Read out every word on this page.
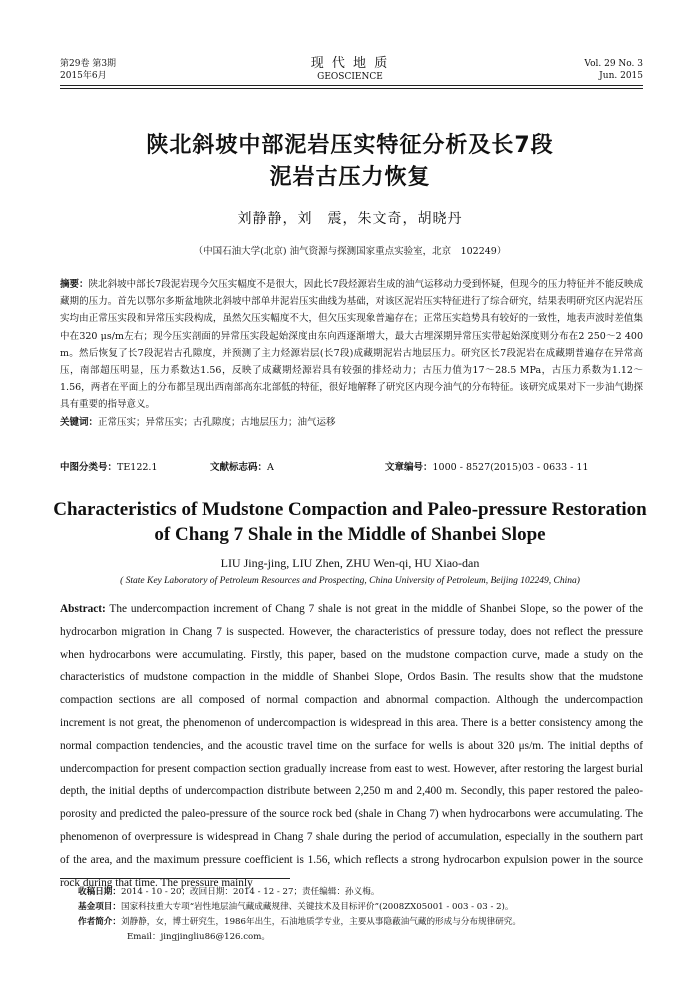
第29卷 第3期
2015年6月
现 代 地 质
GEOSCIENCE
Vol. 29 No. 3
Jun. 2015
陕北斜坡中部泥岩压实特征分析及长7段
泥岩古压力恢复
刘静静，刘　震，朱文奇，胡晓丹
（中国石油大学(北京) 油气资源与探测国家重点实验室，北京　102249）

摘要：陕北斜坡中部长7段泥岩现今欠压实幅度不是很大，因此长7段烃源岩生成的油气运移动力受到怀疑，但现今的压力特征并不能反映成藏期的压力。首先以鄂尔多斯盆地陕北斜坡中部单井泥岩压实曲线为基础，对该区泥岩压实特征进行了综合研究，结果表明研究区内泥岩压实均由正常压实段和异常压实段构成，虽然欠压实幅度不大，但欠压实现象普遍存在；正常压实趋势具有较好的一致性，地表声波时差值集中在320 μs/m左右；现今压实剖面的异常压实段起始深度由东向西逐渐增大，最大古埋深期异常压实带起始深度则分布在2 250～2 400 m。然后恢复了长7段泥岩古孔隙度，并预测了主力烃源岩层(长7段)成藏期泥岩古地层压力。研究区长7段泥岩在成藏期普遍存在异常高压，南部超压明显，压力系数达1.56，反映了成藏期烃源岩具有较强的排烃动力；古压力值为17～28.5 MPa，古压力系数为1.12～1.56，两者在平面上的分布都呈现出西南部高东北部低的特征，很好地解释了研究区内现今油气的分布特征。该研究成果对下一步油气勘探具有重要的指导意义。

关键词：正常压实；异常压实；古孔隙度；古地层压力；油气运移

中图分类号：TE122.1	文献标志码：A	文章编号：1000 - 8527(2015)03 - 0633 - 11
Characteristics of Mudstone Compaction and Paleo-pressure Restoration
of Chang 7 Shale in the Middle of Shanbei Slope
LIU Jing-jing, LIU Zhen, ZHU Wen-qi, HU Xiao-dan
( State Key Laboratory of Petroleum Resources and Prospecting, China University of Petroleum, Beijing 102249, China)

Abstract: The undercompaction increment of Chang 7 shale is not great in the middle of Shanbei Slope, so the power of the hydrocarbon migration in Chang 7 is suspected. However, the characteristics of pressure today, does not reflect the pressure when hydrocarbons were accumulating. Firstly, this paper, based on the mudstone compaction curve, made a study on the characteristics of mudstone compaction in the middle of Shanbei Slope, Ordos Basin. The results show that the mudstone compaction sections are all composed of normal compaction and abnormal compaction. Although the undercompaction increment is not great, the phenomenon of undercompaction is widespread in this area. There is a better consistency among the normal compaction tendencies, and the acoustic travel time on the surface for wells is about 320 μs/m. The initial depths of undercompaction for present compaction section gradually increase from east to west. However, after restoring the largest burial depth, the initial depths of undercompaction distribute between 2,250 m and 2,400 m. Secondly, this paper restored the paleo-porosity and predicted the paleo-pressure of the source rock bed (shale in Chang 7) when hydrocarbons were accumulating. The phenomenon of overpressure is widespread in Chang 7 shale during the period of accumulation, especially in the southern part of the area, and the maximum pressure coefficient is 1.56, which reflects a strong hydrocarbon expulsion power in the source rock during that time. The pressure mainly

收稿日期：2014 - 10 - 20；改回日期：2014 - 12 - 27；责任编辑：孙义梅。

基金项目：国家科技重大专项“岩性地层油气藏成藏规律、关键技术及目标评价”(2008ZX05001 - 003 - 03 - 2)。

作者简介：刘静静，女，博士研究生，1986年出生，石油地质学专业，主要从事隐蔽油气藏的形成与分布规律研究。

Email：jingjingliu86@126.com。
